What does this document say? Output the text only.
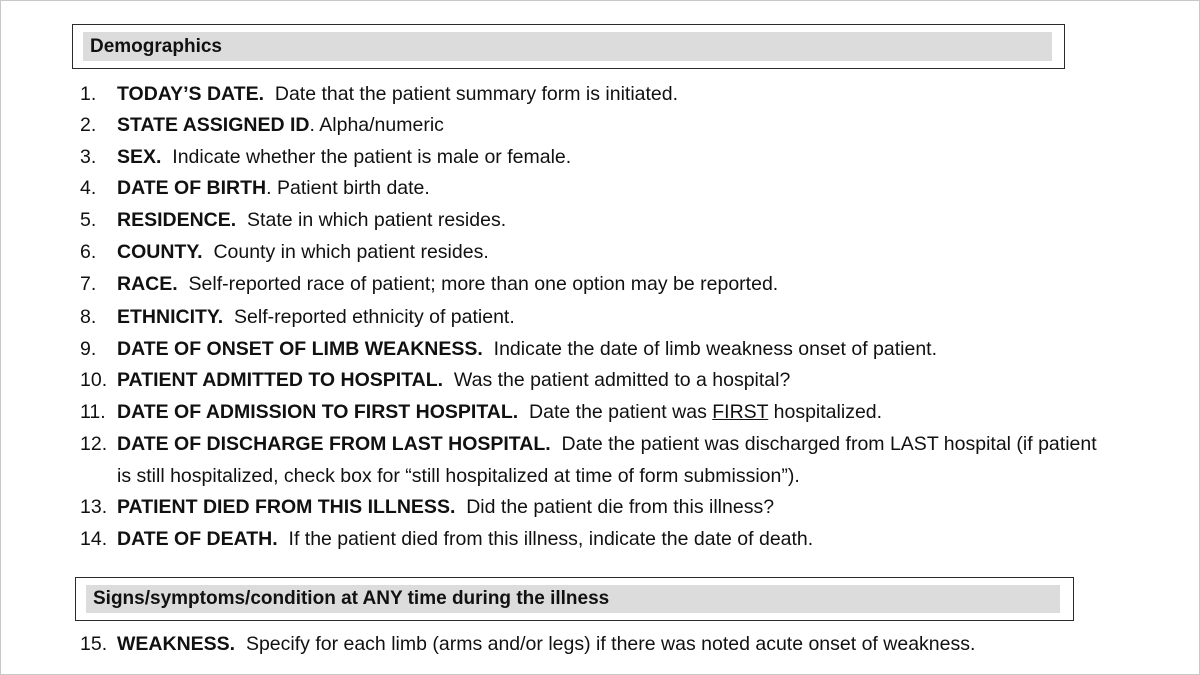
Demographics
1. TODAY’S DATE. Date that the patient summary form is initiated.
2. STATE ASSIGNED ID. Alpha/numeric
3. SEX. Indicate whether the patient is male or female.
4. DATE OF BIRTH. Patient birth date.
5. RESIDENCE. State in which patient resides.
6. COUNTY. County in which patient resides.
7. RACE. Self-reported race of patient; more than one option may be reported.
8. ETHNICITY. Self-reported ethnicity of patient.
9. DATE OF ONSET OF LIMB WEAKNESS. Indicate the date of limb weakness onset of patient.
10. PATIENT ADMITTED TO HOSPITAL. Was the patient admitted to a hospital?
11. DATE OF ADMISSION TO FIRST HOSPITAL. Date the patient was FIRST hospitalized.
12. DATE OF DISCHARGE FROM LAST HOSPITAL. Date the patient was discharged from LAST hospital (if patient
is still hospitalized, check box for “still hospitalized at time of form submission”).
13. PATIENT DIED FROM THIS ILLNESS. Did the patient die from this illness?
14. DATE OF DEATH. If the patient died from this illness, indicate the date of death.
Signs/symptoms/condition at ANY time during the illness
15. WEAKNESS. Specify for each limb (arms and/or legs) if there was noted acute onset of weakness.
